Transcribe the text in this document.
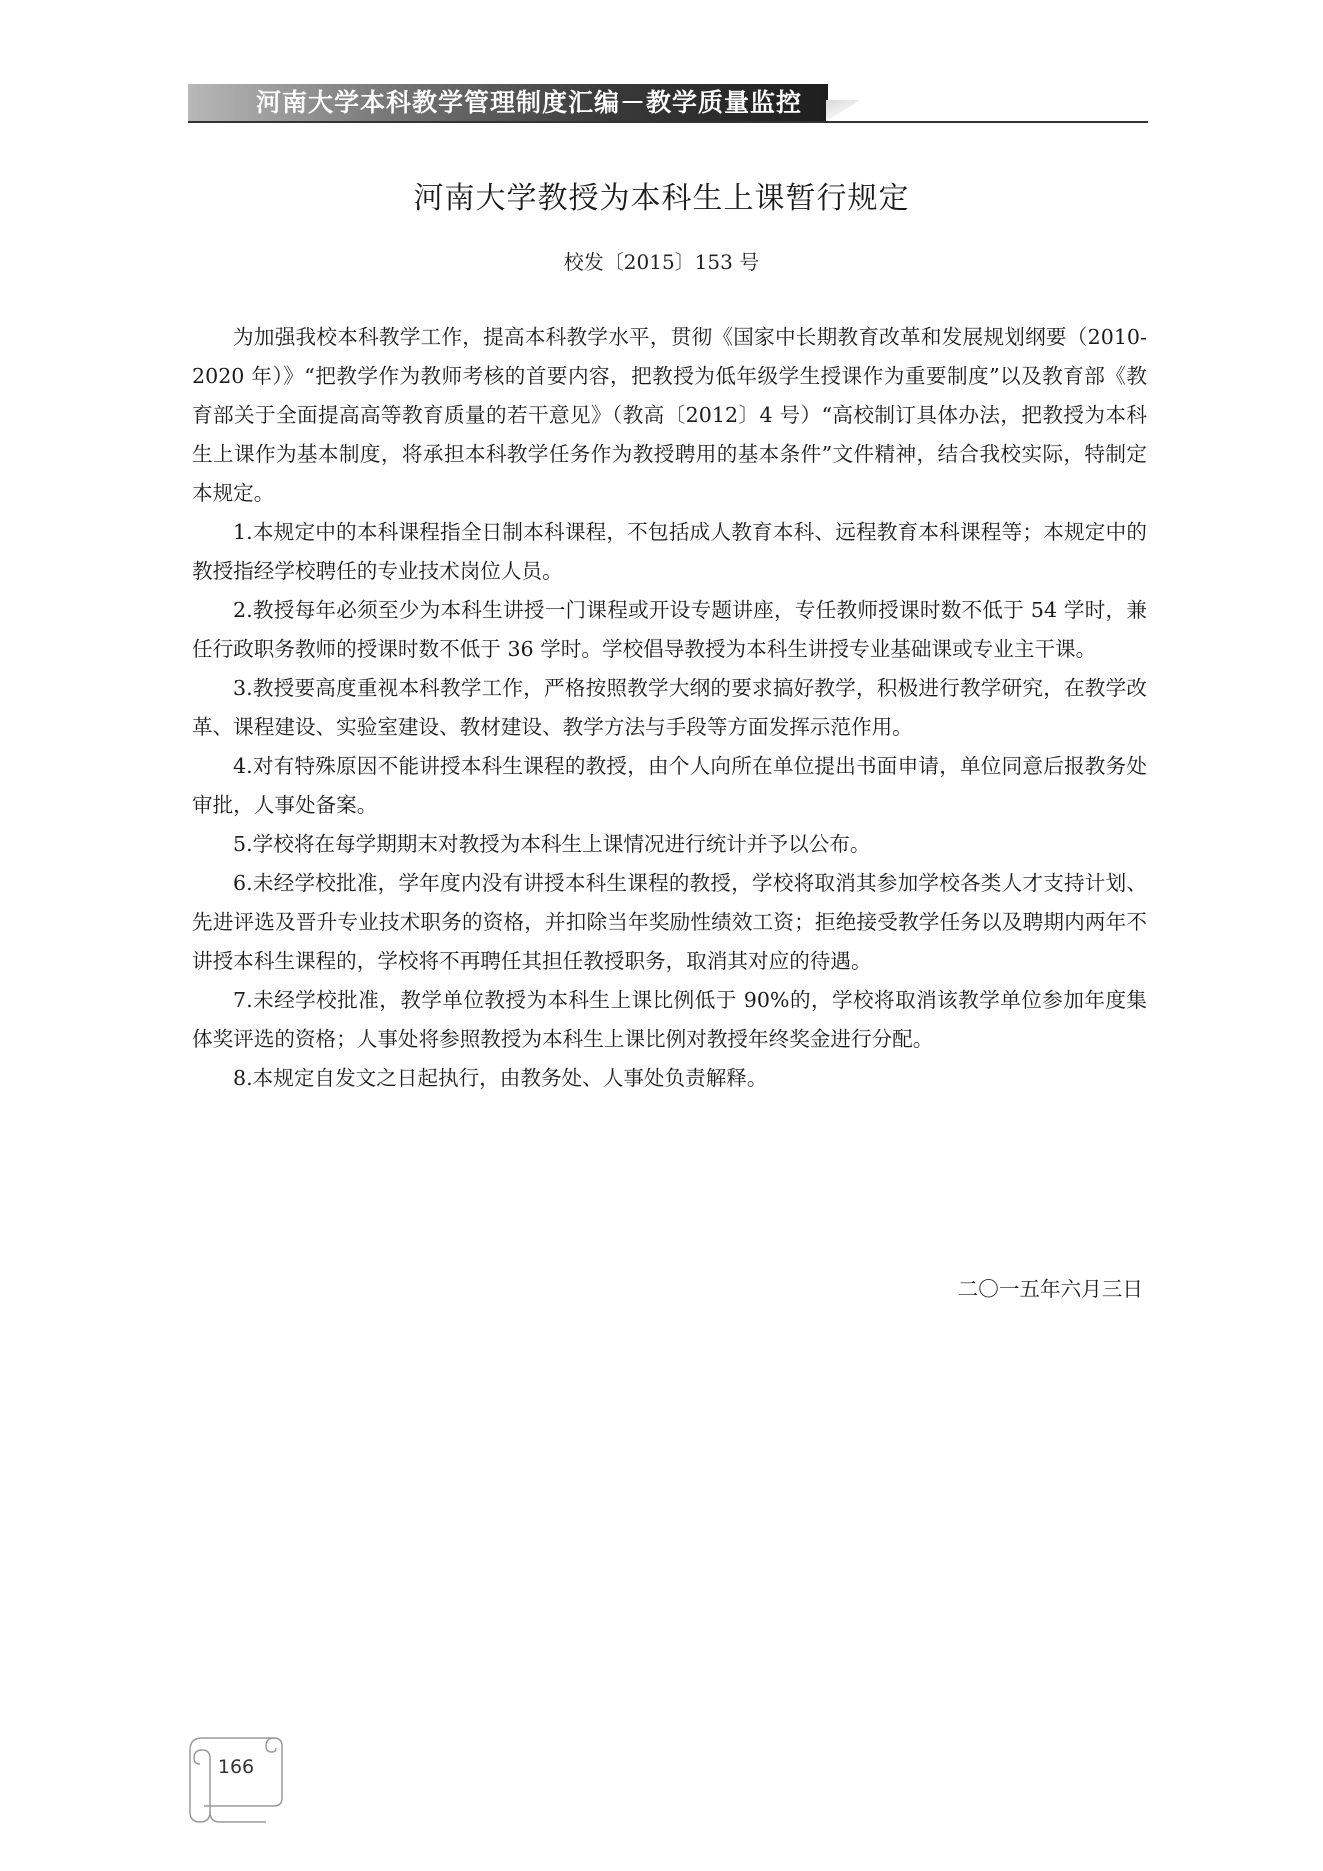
河南大学本科教学管理制度汇编－教学质量监控
河南大学教授为本科生上课暂行规定
校发〔2015〕153 号

为加强我校本科教学工作，提高本科教学水平，贯彻《国家中长期教育改革和发展规划纲要（2010-2020 年）》“把教学作为教师考核的首要内容，把教授为低年级学生授课作为重要制度”以及教育部《教育部关于全面提高高等教育质量的若干意见》（教高〔2012〕4 号）“高校制订具体办法，把教授为本科生上课作为基本制度，将承担本科教学任务作为教授聘用的基本条件”文件精神，结合我校实际，特制定本规定。

1.本规定中的本科课程指全日制本科课程，不包括成人教育本科、远程教育本科课程等；本规定中的教授指经学校聘任的专业技术岗位人员。

2.教授每年必须至少为本科生讲授一门课程或开设专题讲座，专任教师授课时数不低于 54 学时，兼任行政职务教师的授课时数不低于 36 学时。学校倡导教授为本科生讲授专业基础课或专业主干课。

3.教授要高度重视本科教学工作，严格按照教学大纲的要求搞好教学，积极进行教学研究，在教学改革、课程建设、实验室建设、教材建设、教学方法与手段等方面发挥示范作用。

4.对有特殊原因不能讲授本科生课程的教授，由个人向所在单位提出书面申请，单位同意后报教务处审批，人事处备案。

5.学校将在每学期期末对教授为本科生上课情况进行统计并予以公布。

6.未经学校批准，学年度内没有讲授本科生课程的教授，学校将取消其参加学校各类人才支持计划、先进评选及晋升专业技术职务的资格，并扣除当年奖励性绩效工资；拒绝接受教学任务以及聘期内两年不讲授本科生课程的，学校将不再聘任其担任教授职务，取消其对应的待遇。

7.未经学校批准，教学单位教授为本科生上课比例低于 90%的，学校将取消该教学单位参加年度集体奖评选的资格；人事处将参照教授为本科生上课比例对教授年终奖金进行分配。

8.本规定自发文之日起执行，由教务处、人事处负责解释。

二〇一五年六月三日
166
